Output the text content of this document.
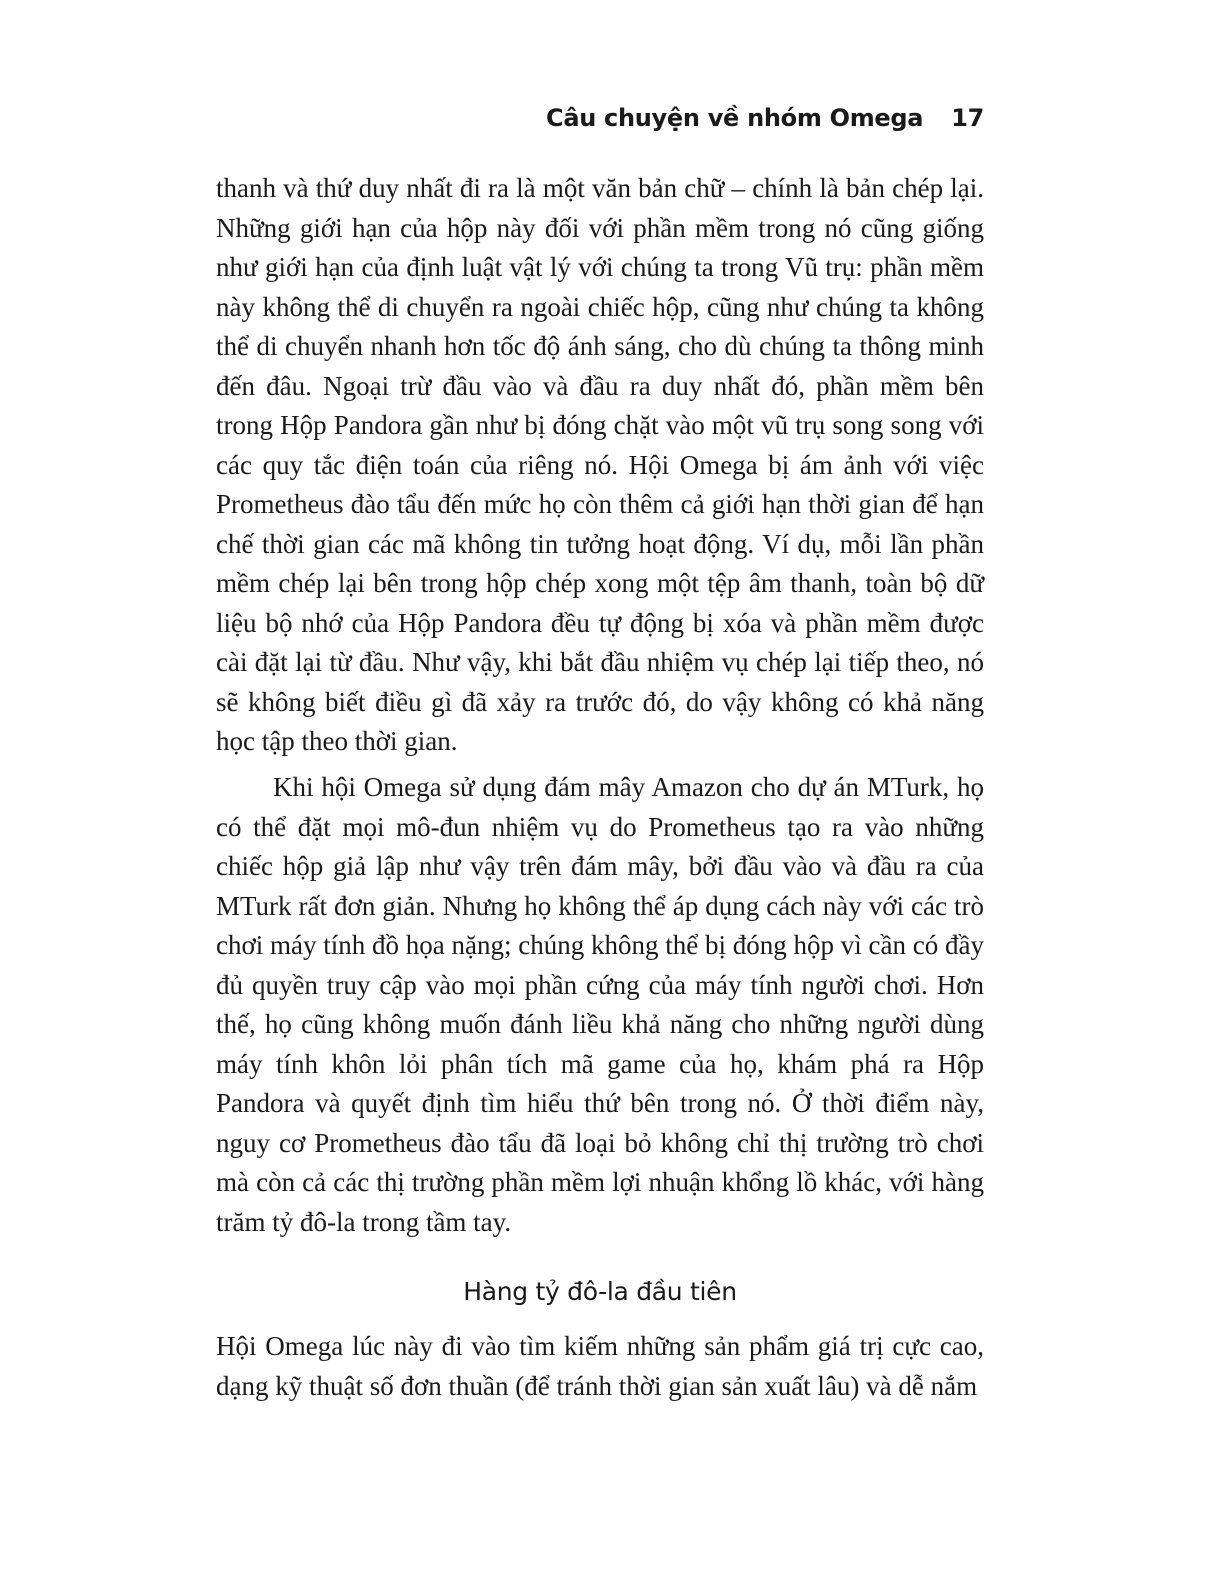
Câu chuyện về nhóm Omega 17

thanh và thứ duy nhất đi ra là một văn bản chữ – chính là bản chép lại. Những giới hạn của hộp này đối với phần mềm trong nó cũng giống như giới hạn của định luật vật lý với chúng ta trong Vũ trụ: phần mềm này không thể di chuyển ra ngoài chiếc hộp, cũng như chúng ta không thể di chuyển nhanh hơn tốc độ ánh sáng, cho dù chúng ta thông minh đến đâu. Ngoại trừ đầu vào và đầu ra duy nhất đó, phần mềm bên trong Hộp Pandora gần như bị đóng chặt vào một vũ trụ song song với các quy tắc điện toán của riêng nó. Hội Omega bị ám ảnh với việc Prometheus đào tẩu đến mức họ còn thêm cả giới hạn thời gian để hạn chế thời gian các mã không tin tưởng hoạt động. Ví dụ, mỗi lần phần mềm chép lại bên trong hộp chép xong một tệp âm thanh, toàn bộ dữ liệu bộ nhớ của Hộp Pandora đều tự động bị xóa và phần mềm được cài đặt lại từ đầu. Như vậy, khi bắt đầu nhiệm vụ chép lại tiếp theo, nó sẽ không biết điều gì đã xảy ra trước đó, do vậy không có khả năng học tập theo thời gian.

Khi hội Omega sử dụng đám mây Amazon cho dự án MTurk, họ có thể đặt mọi mô-đun nhiệm vụ do Prometheus tạo ra vào những chiếc hộp giả lập như vậy trên đám mây, bởi đầu vào và đầu ra của MTurk rất đơn giản. Nhưng họ không thể áp dụng cách này với các trò chơi máy tính đồ họa nặng; chúng không thể bị đóng hộp vì cần có đầy đủ quyền truy cập vào mọi phần cứng của máy tính người chơi. Hơn thế, họ cũng không muốn đánh liều khả năng cho những người dùng máy tính khôn lỏi phân tích mã game của họ, khám phá ra Hộp Pandora và quyết định tìm hiểu thứ bên trong nó. Ở thời điểm này, nguy cơ Prometheus đào tẩu đã loại bỏ không chỉ thị trường trò chơi mà còn cả các thị trường phần mềm lợi nhuận khổng lồ khác, với hàng trăm tỷ đô-la trong tầm tay.

Hàng tỷ đô-la đầu tiên

Hội Omega lúc này đi vào tìm kiếm những sản phẩm giá trị cực cao, dạng kỹ thuật số đơn thuần (để tránh thời gian sản xuất lâu) và dễ nắm
